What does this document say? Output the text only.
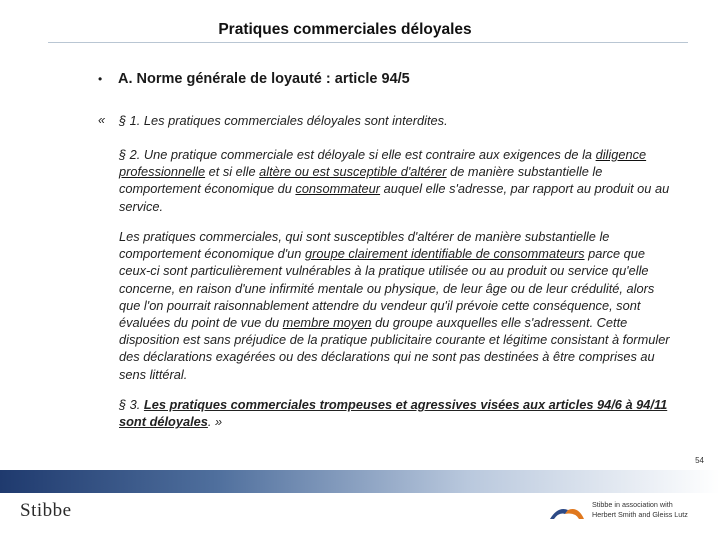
Pratiques commerciales déloyales
• A. Norme générale de loyauté : article 94/5
« § 1. Les pratiques commerciales déloyales sont interdites.
§ 2. Une pratique commerciale est déloyale si elle est contraire aux exigences de la diligence professionnelle et si elle altère ou est susceptible d'altérer de manière substantielle le comportement économique du consommateur auquel elle s'adresse, par rapport au produit ou au service.
Les pratiques commerciales, qui sont susceptibles d'altérer de manière substantielle le comportement économique d'un groupe clairement identifiable de consommateurs parce que ceux-ci sont particulièrement vulnérables à la pratique utilisée ou au produit ou service qu'elle concerne, en raison d'une infirmité mentale ou physique, de leur âge ou de leur crédulité, alors que l'on pourrait raisonnablement attendre du vendeur qu'il prévoie cette conséquence, sont évaluées du point de vue du membre moyen du groupe auxquelles elle s'adressent. Cette disposition est sans préjudice de la pratique publicitaire courante et légitime consistant à formuler des déclarations exagérées ou des déclarations qui ne sont pas destinées à être comprises au sens littéral.
§ 3. Les pratiques commerciales trompeuses et agressives visées aux articles 94/6 à 94/11 sont déloyales. »
54
Stibbe	Stibbe in association with
Herbert Smith and Gleiss Lutz
